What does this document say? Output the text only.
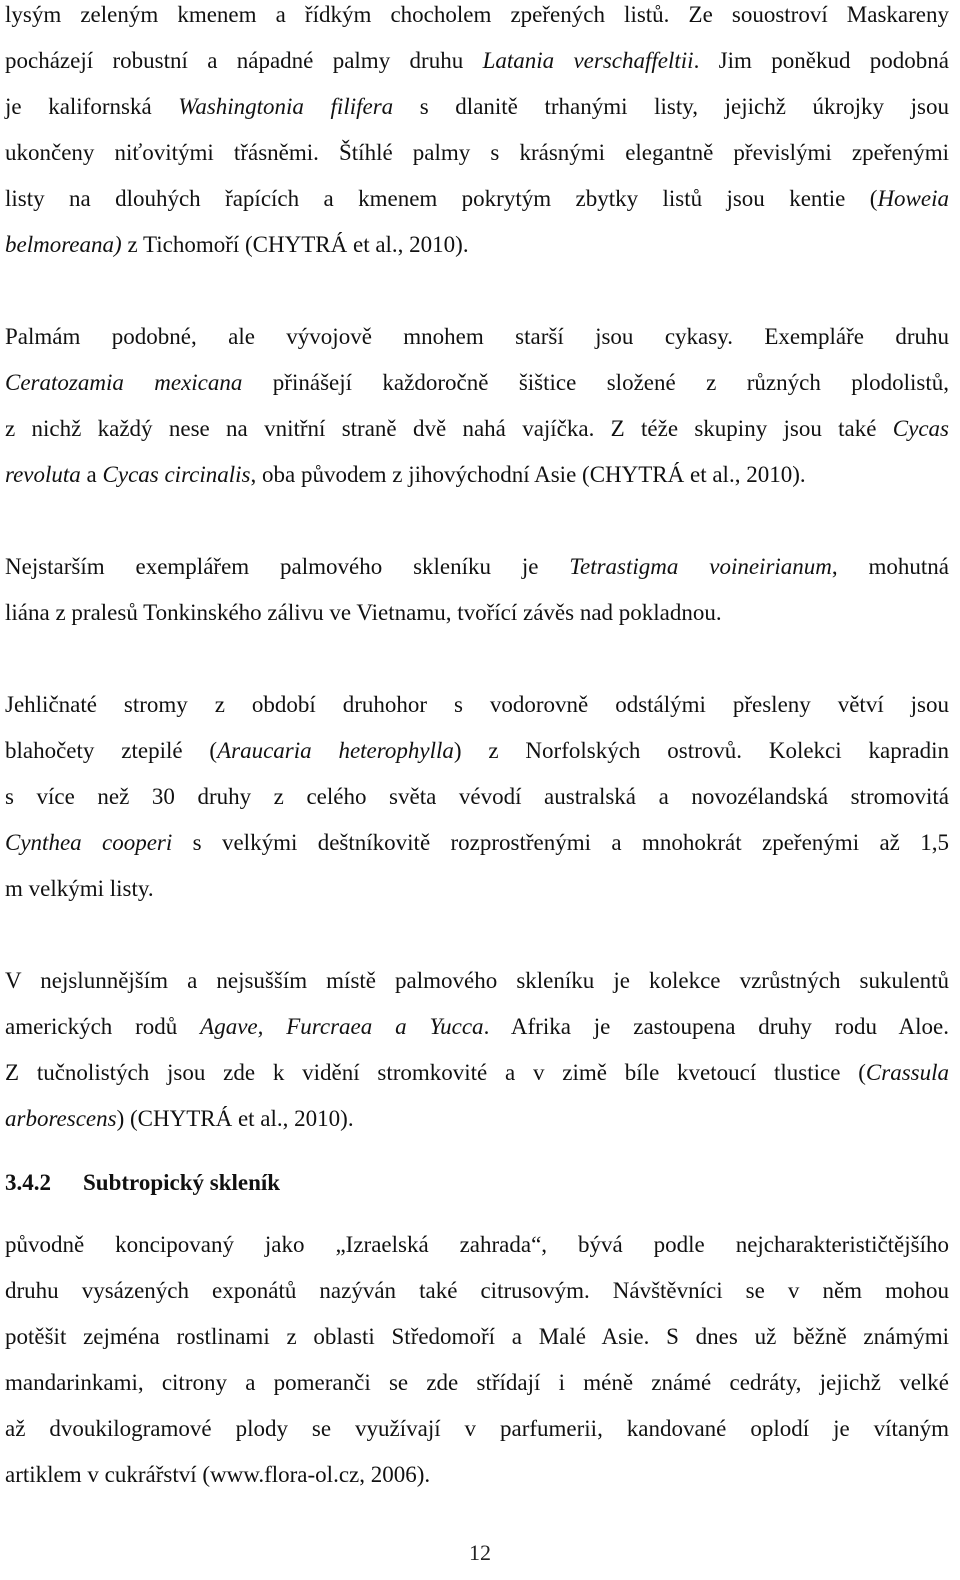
lysým zeleným kmenem a řídkým chocholem zpeřených listů. Ze souostroví Maskareny
pocházejí robustní a nápadné palmy druhu Latania verschaffeltii. Jim poněkud podobná
je kalifornská Washingtonia filifera s dlanitě trhanými listy, jejichž úkrojky jsou
ukončeny niťovitými třásněmi. Štíhlé palmy s krásnými elegantně převislými zpeřenými
listy na dlouhých řapících a kmenem pokrytým zbytky listů jsou kentie (Howeia
belmoreana) z Tichomoří (CHYTRÁ et al., 2010).
Palmám podobné, ale vývojově mnohem starší jsou cykasy. Exempláře druhu
Ceratozamia mexicana přinášejí každoročně šištice složené z různých plodolistů,
z nichž každý nese na vnitřní straně dvě nahá vajíčka. Z téže skupiny jsou také Cycas
revoluta a Cycas circinalis, oba původem z jihovýchodní Asie (CHYTRÁ et al., 2010).
Nejstarším exemplářem palmového skleníku je Tetrastigma voineirianum, mohutná
liána z pralesů Tonkinského zálivu ve Vietnamu, tvořící závěs nad pokladnou.
Jehličnaté stromy z období druhohor s vodorovně odstálými přesleny větví jsou
blahočety ztepilé (Araucaria heterophylla) z Norfolských ostrovů. Kolekci kapradin
s více než 30 druhy z celého světa vévodí australská a novozélandská stromovitá
Cynthea cooperi s velkými deštníkovitě rozprostřenými a mnohokrát zpeřenými až 1,5
m velkými listy.
V nejslunnějším a nejsušším místě palmového skleníku je kolekce vzrůstných sukulentů
amerických rodů Agave, Furcraea a Yucca. Afrika je zastoupena druhy rodu Aloe.
Z tučnolistých jsou zde k vidění stromkovité a v zimě bíle kvetoucí tlustice (Crassula
arborescens) (CHYTRÁ et al., 2010).
3.4.2 Subtropický skleník
původně koncipovaný jako „Izraelská zahrada“, bývá podle nejcharakterističtějšího
druhu vysázených exponátů nazýván také citrusovým. Návštěvníci se v něm mohou
potěšit zejména rostlinami z oblasti Středomoří a Malé Asie. S dnes už běžně známými
mandarinkami, citrony a pomeranči se zde střídají i méně známé cedráty, jejichž velké
až dvoukilogramové plody se využívají v parfumerii, kandované oplodí je vítaným
artiklem v cukrářství (www.flora-ol.cz, 2006).
12
